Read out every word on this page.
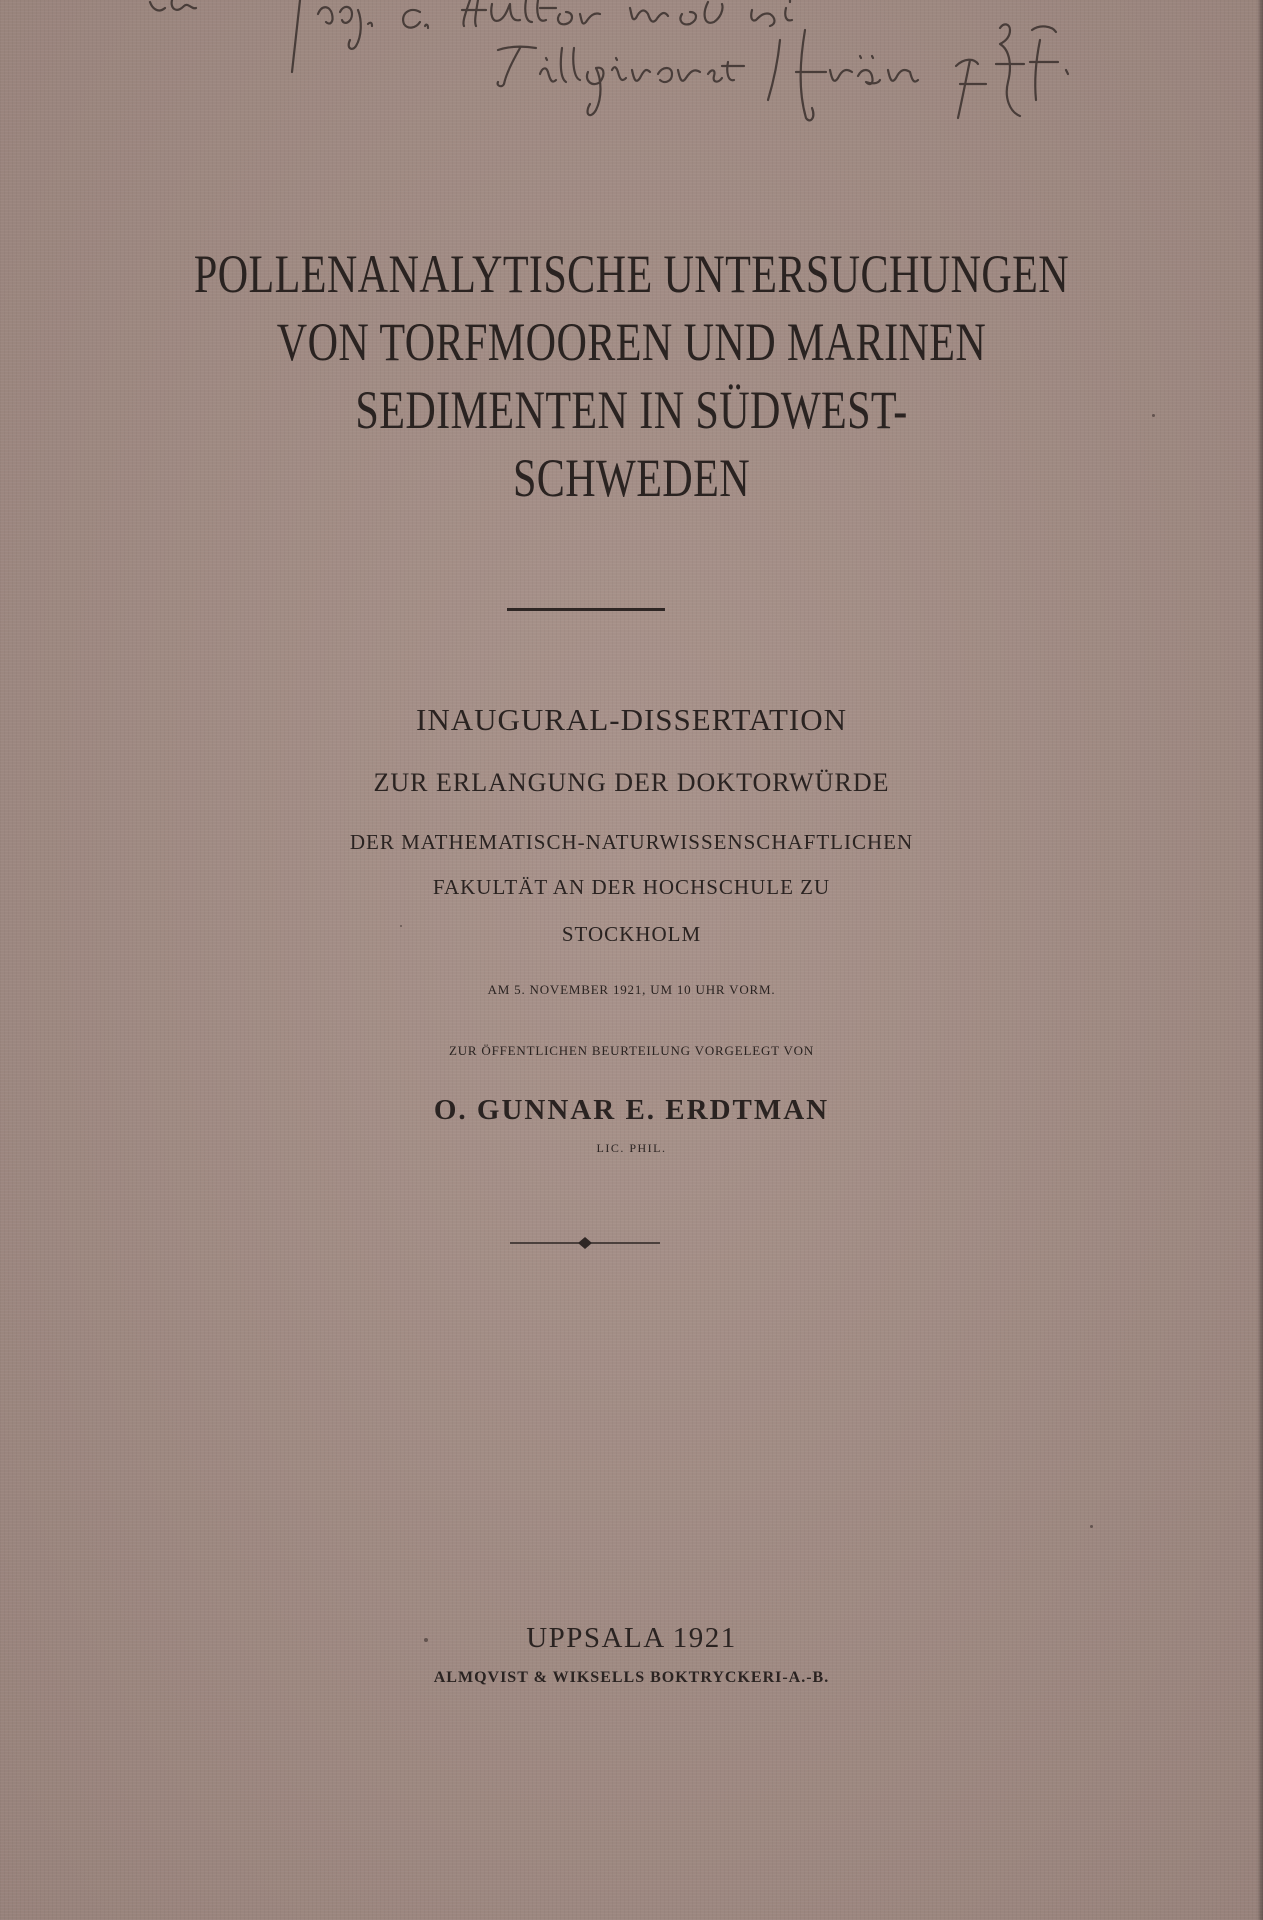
POLLENANALYTISCHE UNTERSUCHUNGEN
VON TORFMOOREN UND MARINEN
SEDIMENTEN IN SÜDWEST-
SCHWEDEN
INAUGURAL-DISSERTATION
ZUR ERLANGUNG DER DOKTORWÜRDE
DER MATHEMATISCH-NATURWISSENSCHAFTLICHEN
FAKULTÄT AN DER HOCHSCHULE ZU
STOCKHOLM
AM 5. NOVEMBER 1921, UM 10 UHR VORM.
ZUR ÖFFENTLICHEN BEURTEILUNG VORGELEGT VON
O. GUNNAR E. ERDTMAN
LIC. PHIL.
UPPSALA 1921
ALMQVIST & WIKSELLS BOKTRYCKERI-A.-B.
